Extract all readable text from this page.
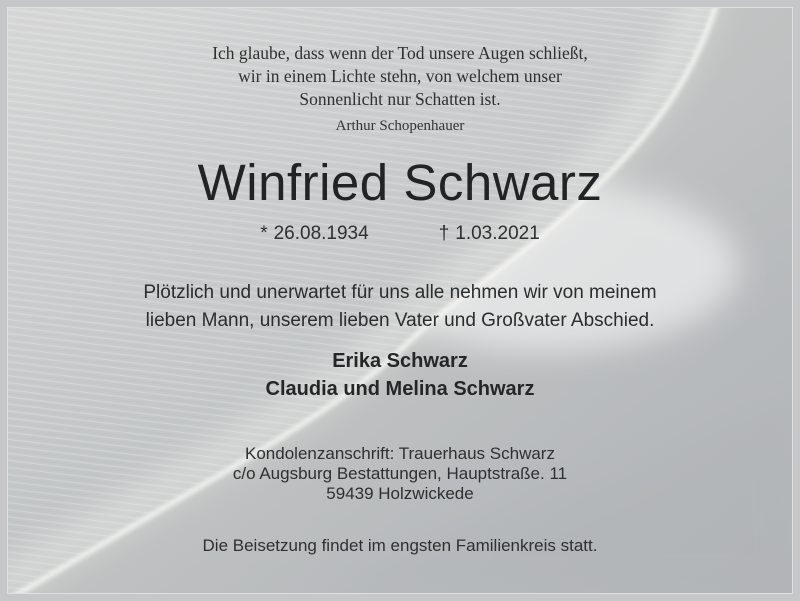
Ich glaube, dass wenn der Tod unsere Augen schließt,
wir in einem Lichte stehn, von welchem unser
Sonnenlicht nur Schatten ist.
Arthur Schopenhauer
Winfried Schwarz
* 26.08.1934	† 1.03.2021
Plötzlich und unerwartet für uns alle nehmen wir von meinem
lieben Mann, unserem lieben Vater und Großvater Abschied.
Erika Schwarz
Claudia und Melina Schwarz
Kondolenzanschrift: Trauerhaus Schwarz
c/o Augsburg Bestattungen, Hauptstraße. 11
59439 Holzwickede
Die Beisetzung findet im engsten Familienkreis statt.
